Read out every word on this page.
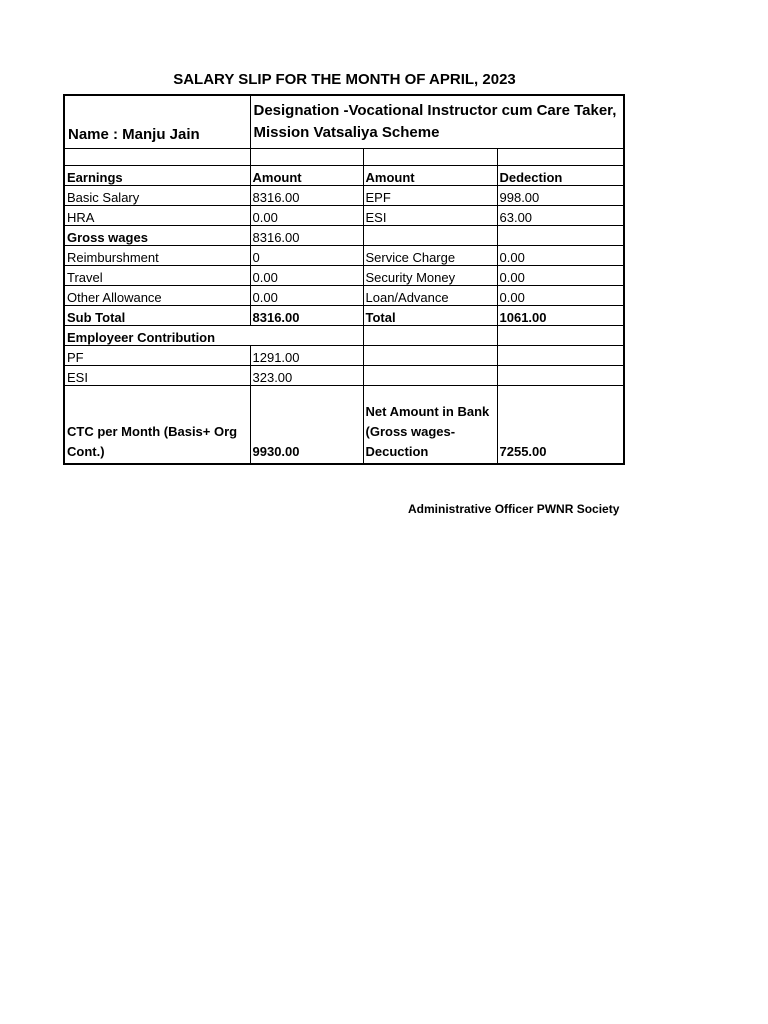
SALARY SLIP FOR THE MONTH OF APRIL, 2023
Name : Manju Jain	Designation -Vocational Instructor cum Care Taker, Mission Vatsaliya Scheme		

Earnings	Amount	Amount	Dedection
Basic Salary	8316.00	EPF	998.00
HRA	0.00	ESI	63.00
Gross wages	8316.00		
Reimburshment	0	Service Charge	0.00
Travel	0.00	Security Money	0.00
Other Allowance	0.00	Loan/Advance	0.00
Sub Total	8316.00	Total	1061.00
Employeer Contribution			
PF	1291.00		
ESI	323.00		
CTC per Month (Basis+ Org Cont.)	9930.00	Net Amount in Bank (Gross wages- Decuction	7255.00
Administrative Officer PWNR Society
